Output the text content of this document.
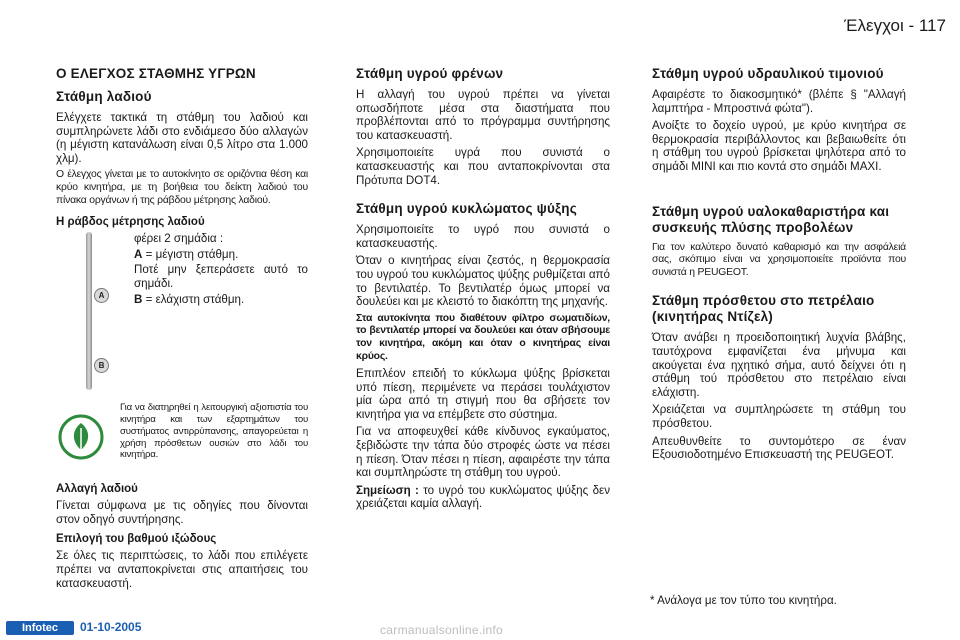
Έλεγχοι - 117
Ο ΕΛΕΓΧΟΣ ΣΤΑΘΜΗΣ ΥΓΡΩΝ
Στάθμη λαδιού

Ελέγχετε τακτικά τη στάθμη του λαδιού και συμπληρώνετε λάδι στο ενδιάμεσο δύο αλλαγών (η μέγιστη κατανάλωση είναι 0,5 λίτρο στα 1.000 χλμ).

Ο έλεγχος γίνεται με το αυτοκίνητο σε οριζόντια θέση και κρύο κινητήρα, με τη βοήθεια του δείκτη λαδιού του πίνακα οργάνων ή της ράβδου μέτρησης λαδιού.

Η ράβδος μέτρησης λαδιού
A
B

φέρει 2 σημάδια :

A = μέγιστη στάθμη.

Ποτέ μην ξεπεράσετε αυτό το σημάδι.

B = ελάχιστη στάθμη.

Για να διατηρηθεί η λειτουργική αξιοπιστία του κινητήρα και των εξαρτημάτων του συστήματος αντιρρύπανσης, απαγορεύεται η χρήση πρόσθετων ουσιών στο λάδι του κινητήρα.

Αλλαγή λαδιού

Γίνεται σύμφωνα με τις οδηγίες που δίνονται στον οδηγό συντήρησης.

Επιλογή του βαθμού ιξώδους

Σε όλες τις περιπτώσεις, το λάδι που επιλέγετε πρέπει να ανταποκρίνεται στις απαιτήσεις του κατασκευαστή.

Στάθμη υγρού φρένων

Η αλλαγή του υγρού πρέπει να γίνεται οπωσδήποτε μέσα στα διαστήματα που προβλέπονται από το πρόγραμμα συντήρησης του κατασκευαστή.

Χρησιμοποιείτε υγρά που συνιστά ο κατασκευαστής και που ανταποκρίνονται στα Πρότυπα DOT4.

Στάθμη υγρού κυκλώματος ψύξης

Χρησιμοποιείτε το υγρό που συνιστά ο κατασκευαστής.

Όταν ο κινητήρας είναι ζεστός, η θερμοκρασία του υγρού του κυκλώματος ψύξης ρυθμίζεται από το βεντιλατέρ. Το βεντιλατέρ όμως μπορεί να δουλεύει και με κλειστό το διακόπτη της μηχανής.

Στα αυτοκίνητα που διαθέτουν φίλτρο σωματιδίων, το βεντιλατέρ μπορεί να δουλεύει και όταν σβήσουμε τον κινητήρα, ακόμη και όταν ο κινητήρας είναι κρύος.

Επιπλέον επειδή το κύκλωμα ψύξης βρίσκεται υπό πίεση, περιμένετε να περάσει τουλάχιστον μία ώρα από τη στιγμή που θα σβήσετε τον κινητήρα για να επέμβετε στο σύστημα.

Για να αποφευχθεί κάθε κίνδυνος εγκαύματος, ξεβιδώστε την τάπα δύο στροφές ώστε να πέσει η πίεση. Όταν πέσει η πίεση, αφαιρέστε την τάπα και συμπληρώστε τη στάθμη του υγρού.

Σημείωση : το υγρό του κυκλώματος ψύξης δεν χρειάζεται καμία αλλαγή.

Στάθμη υγρού υδραυλικού τιμονιού

Αφαιρέστε το διακοσμητικό* (βλέπε § "Αλλαγή λαμπτήρα - Μπροστινά φώτα").

Ανοίξτε το δοχείο υγρού, με κρύο κινητήρα σε θερμοκρασία περιβάλλοντος και βεβαιωθείτε ότι η στάθμη του υγρού βρίσκεται ψηλότερα από το σημάδι MINI και πιο κοντά στο σημάδι MAXI.

Στάθμη υγρού υαλοκαθαριστήρα και συσκευής πλύσης προβολέων

Για τον καλύτερο δυνατό καθαρισμό και την ασφάλειά σας, σκόπιμο είναι να χρησιμοποιείτε προϊόντα που συνιστά η PEUGEOT.

Στάθμη πρόσθετου στο πετρέλαιο (κινητήρας Ντίζελ)

Όταν ανάβει η προειδοποιητική λυχνία βλάβης, ταυτόχρονα εμφανίζεται ένα μήνυμα και ακούγεται ένα ηχητικό σήμα, αυτό δείχνει ότι η στάθμη τού πρόσθετου στο πετρέλαιο είναι ελάχιστη.

Χρειάζεται να συμπληρώσετε τη στάθμη του πρόσθετου.

Απευθυνθείτε το συντομότερο σε έναν Εξουσιοδοτημένο Επισκευαστή της PEUGEOT.

* Ανάλογα με τον τύπο του κινητήρα.
Infotec	01-10-2005	carmanualsonline.info
